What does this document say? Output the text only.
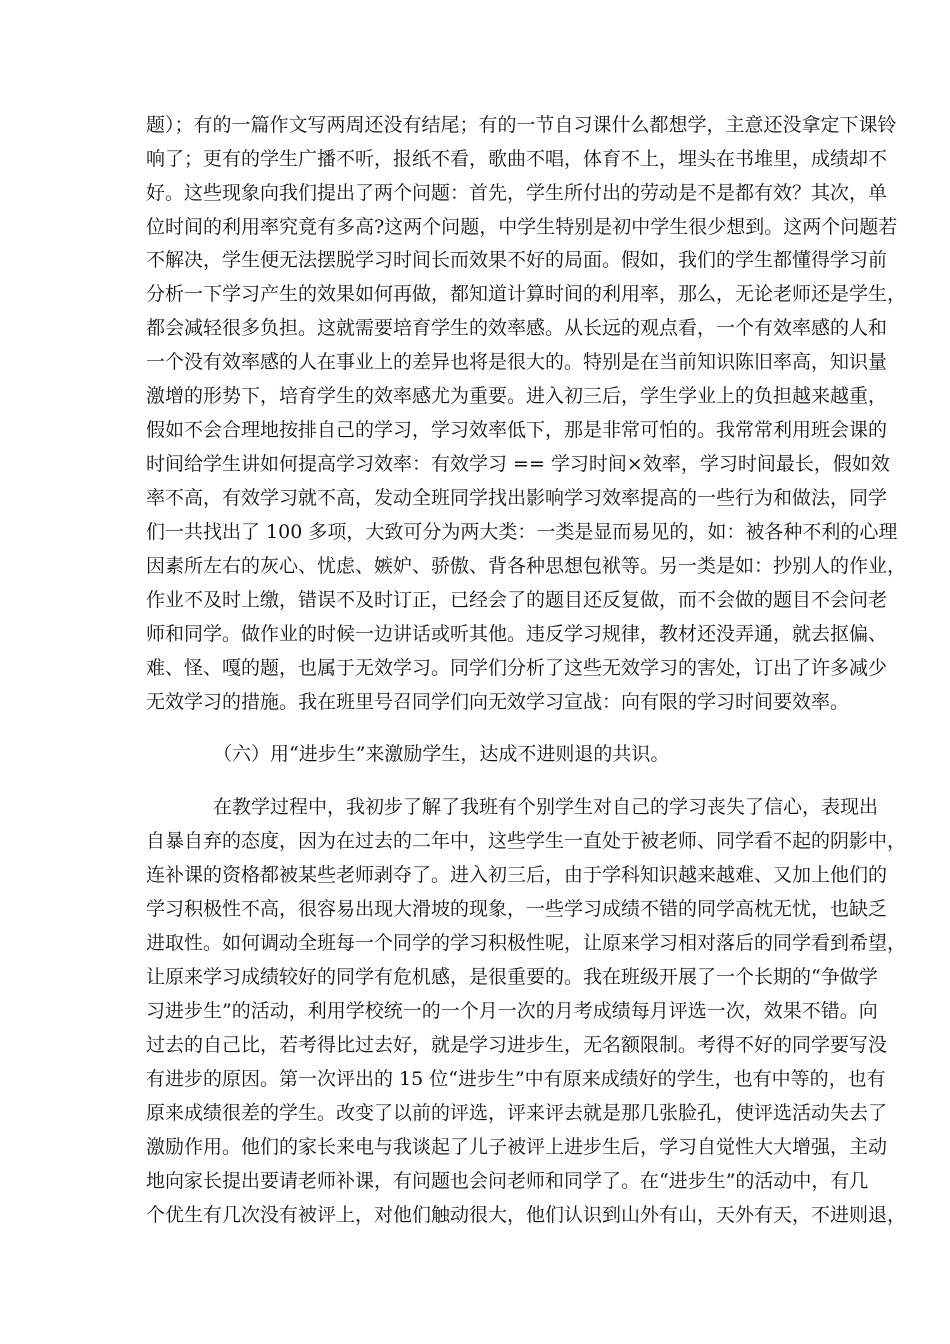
题）；有的一篇作文写两周还没有结尾；有的一节自习课什么都想学，主意还没拿定下课铃

响了；更有的学生广播不听，报纸不看，歌曲不唱，体育不上，埋头在书堆里，成绩却不

好。这些现象向我们提出了两个问题：首先，学生所付出的劳动是不是都有效？其次，单

位时间的利用率究竟有多高?这两个问题，中学生特别是初中学生很少想到。这两个问题若

不解决，学生便无法摆脱学习时间长而效果不好的局面。假如，我们的学生都懂得学习前

分析一下学习产生的效果如何再做，都知道计算时间的利用率，那么，无论老师还是学生，

都会减轻很多负担。这就需要培育学生的效率感。从长远的观点看，一个有效率感的人和

一个没有效率感的人在事业上的差异也将是很大的。特别是在当前知识陈旧率高，知识量

激增的形势下，培育学生的效率感尤为重要。进入初三后，学生学业上的负担越来越重，

假如不会合理地按排自己的学习，学习效率低下，那是非常可怕的。我常常利用班会课的

时间给学生讲如何提高学习效率：有效学习 == 学习时间×效率，学习时间最长，假如效

率不高，有效学习就不高，发动全班同学找出影响学习效率提高的一些行为和做法，同学

们一共找出了 100 多项，大致可分为两大类：一类是显而易见的，如：被各种不利的心理

因素所左右的灰心、忧虑、嫉妒、骄傲、背各种思想包袱等。另一类是如：抄别人的作业，

作业不及时上缴，错误不及时订正，已经会了的题目还反复做，而不会做的题目不会问老

师和同学。做作业的时候一边讲话或听其他。违反学习规律，教材还没弄通，就去抠偏、

难、怪、嘎的题，也属于无效学习。同学们分析了这些无效学习的害处，订出了许多减少

无效学习的措施。我在班里号召同学们向无效学习宣战：向有限的学习时间要效率。

（六）用“进步生”来激励学生，达成不进则退的共识。

在教学过程中，我初步了解了我班有个别学生对自己的学习丧失了信心，表现出

自暴自弃的态度，因为在过去的二年中，这些学生一直处于被老师、同学看不起的阴影中，

连补课的资格都被某些老师剥夺了。进入初三后，由于学科知识越来越难、又加上他们的

学习积极性不高，很容易出现大滑坡的现象，一些学习成绩不错的同学高枕无忧，也缺乏

进取性。如何调动全班每一个同学的学习积极性呢，让原来学习相对落后的同学看到希望，

让原来学习成绩较好的同学有危机感，是很重要的。我在班级开展了一个长期的“争做学

习进步生”的活动，利用学校统一的一个月一次的月考成绩每月评选一次，效果不错。向

过去的自己比，若考得比过去好，就是学习进步生，无名额限制。考得不好的同学要写没

有进步的原因。第一次评出的 15 位“进步生”中有原来成绩好的学生，也有中等的，也有

原来成绩很差的学生。改变了以前的评选，评来评去就是那几张脸孔，使评选活动失去了

激励作用。他们的家长来电与我谈起了儿子被评上进步生后，学习自觉性大大增强，主动

地向家长提出要请老师补课，有问题也会问老师和同学了。在“进步生”的活动中，有几

个优生有几次没有被评上，对他们触动很大，他们认识到山外有山，天外有天，不进则退，
